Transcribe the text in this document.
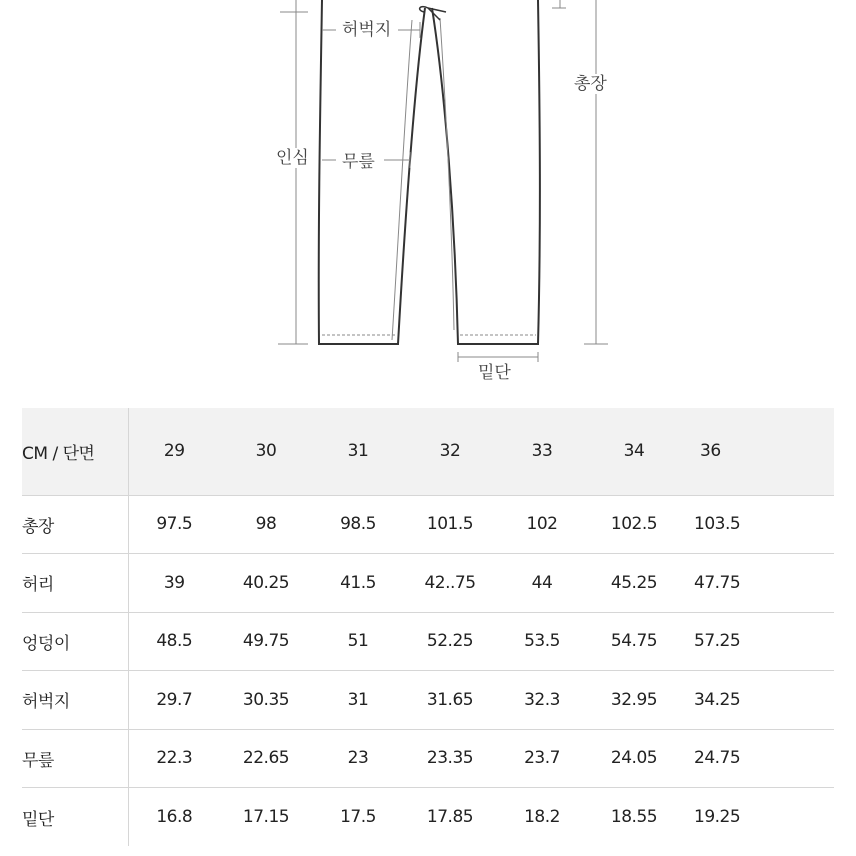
허벅지
인심 무릎
총장
밑단
CM / 단면	29	30	31	32	33	34	36
총장	97.5	98	98.5	101.5	102	102.5	103.5
허리	39	40.25	41.5	42..75	44	45.25	47.75
엉덩이	48.5	49.75	51	52.25	53.5	54.75	57.25
허벅지	29.7	30.35	31	31.65	32.3	32.95	34.25
무릎	22.3	22.65	23	23.35	23.7	24.05	24.75
밑단	16.8	17.15	17.5	17.85	18.2	18.55	19.25
